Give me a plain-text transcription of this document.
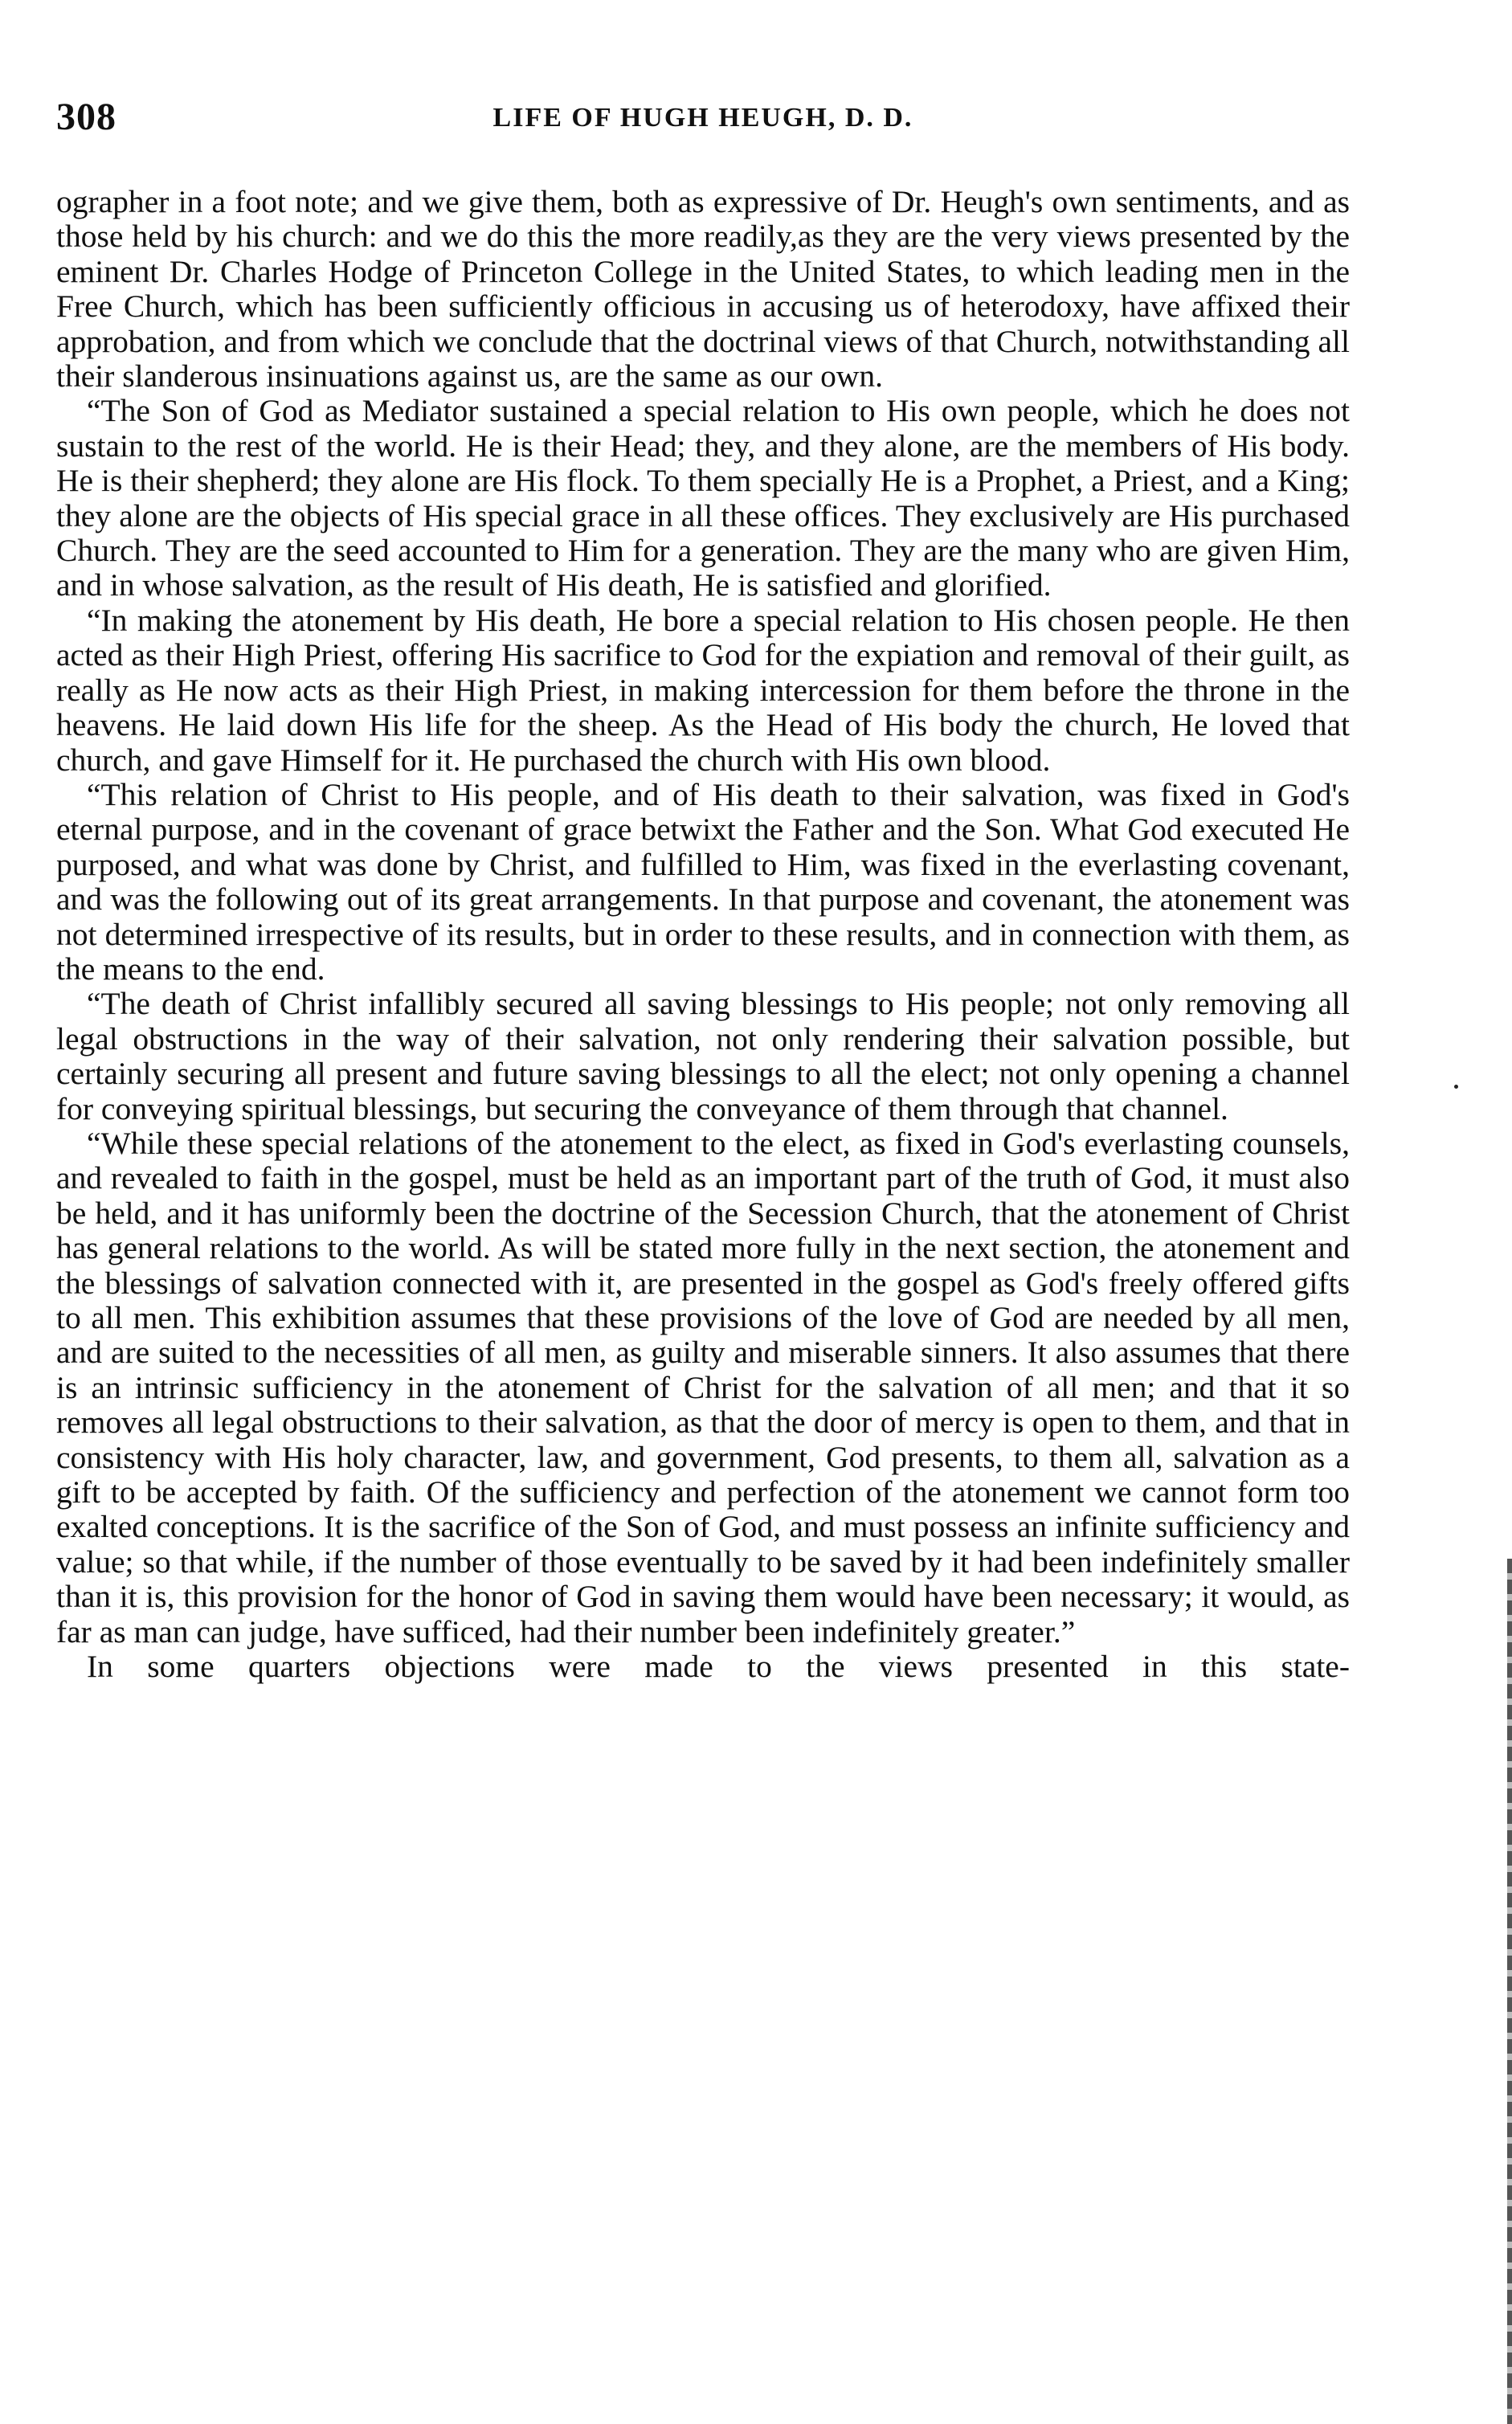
308	LIFE OF HUGH HEUGH, D. D.

ographer in a foot note; and we give them, both as expressive of Dr. Heugh's own sentiments, and as those held by his church: and we do this the more readily,as they are the very views presented by the eminent Dr. Charles Hodge of Princeton College in the United States, to which leading men in the Free Church, which has been sufficiently officious in accusing us of heterodoxy, have affixed their approbation, and from which we conclude that the doctrinal views of that Church, notwithstanding all their slanderous insinuations against us, are the same as our own.

“The Son of God as Mediator sustained a special relation to His own people, which he does not sustain to the rest of the world. He is their Head; they, and they alone, are the members of His body. He is their shepherd; they alone are His flock. To them specially He is a Prophet, a Priest, and a King; they alone are the objects of His special grace in all these offices. They exclusively are His purchased Church. They are the seed accounted to Him for a generation. They are the many who are given Him, and in whose salvation, as the result of His death, He is satisfied and glorified.

“In making the atonement by His death, He bore a special relation to His chosen people. He then acted as their High Priest, offering His sacrifice to God for the expiation and removal of their guilt, as really as He now acts as their High Priest, in making intercession for them before the throne in the heavens. He laid down His life for the sheep. As the Head of His body the church, He loved that church, and gave Himself for it. He purchased the church with His own blood.

“This relation of Christ to His people, and of His death to their salvation, was fixed in God's eternal purpose, and in the covenant of grace betwixt the Father and the Son. What God executed He purposed, and what was done by Christ, and fulfilled to Him, was fixed in the everlasting covenant, and was the following out of its great arrangements. In that purpose and covenant, the atonement was not determined irrespective of its results, but in order to these results, and in connection with them, as the means to the end.

“The death of Christ infallibly secured all saving blessings to His people; not only removing all legal obstructions in the way of their salvation, not only rendering their salvation possible, but certainly securing all present and future saving blessings to all the elect; not only opening a channel for conveying spiritual blessings, but securing the conveyance of them through that channel.

“While these special relations of the atonement to the elect, as fixed in God's everlasting counsels, and revealed to faith in the gospel, must be held as an important part of the truth of God, it must also be held, and it has uniformly been the doctrine of the Secession Church, that the atonement of Christ has general relations to the world. As will be stated more fully in the next section, the atonement and the blessings of salvation connected with it, are presented in the gospel as God's freely offered gifts to all men. This exhibition assumes that these provisions of the love of God are needed by all men, and are suited to the necessities of all men, as guilty and miserable sinners. It also assumes that there is an intrinsic sufficiency in the atonement of Christ for the salvation of all men; and that it so removes all legal obstructions to their salvation, as that the door of mercy is open to them, and that in consistency with His holy character, law, and government, God presents, to them all, salvation as a gift to be accepted by faith. Of the sufficiency and perfection of the atonement we cannot form too exalted conceptions. It is the sacrifice of the Son of God, and must possess an infinite sufficiency and value; so that while, if the number of those eventually to be saved by it had been indefinitely smaller than it is, this provision for the honor of God in saving them would have been necessary; it would, as far as man can judge, have sufficed, had their number been indefinitely greater.”

In some quarters objections were made to the views presented in this state-
